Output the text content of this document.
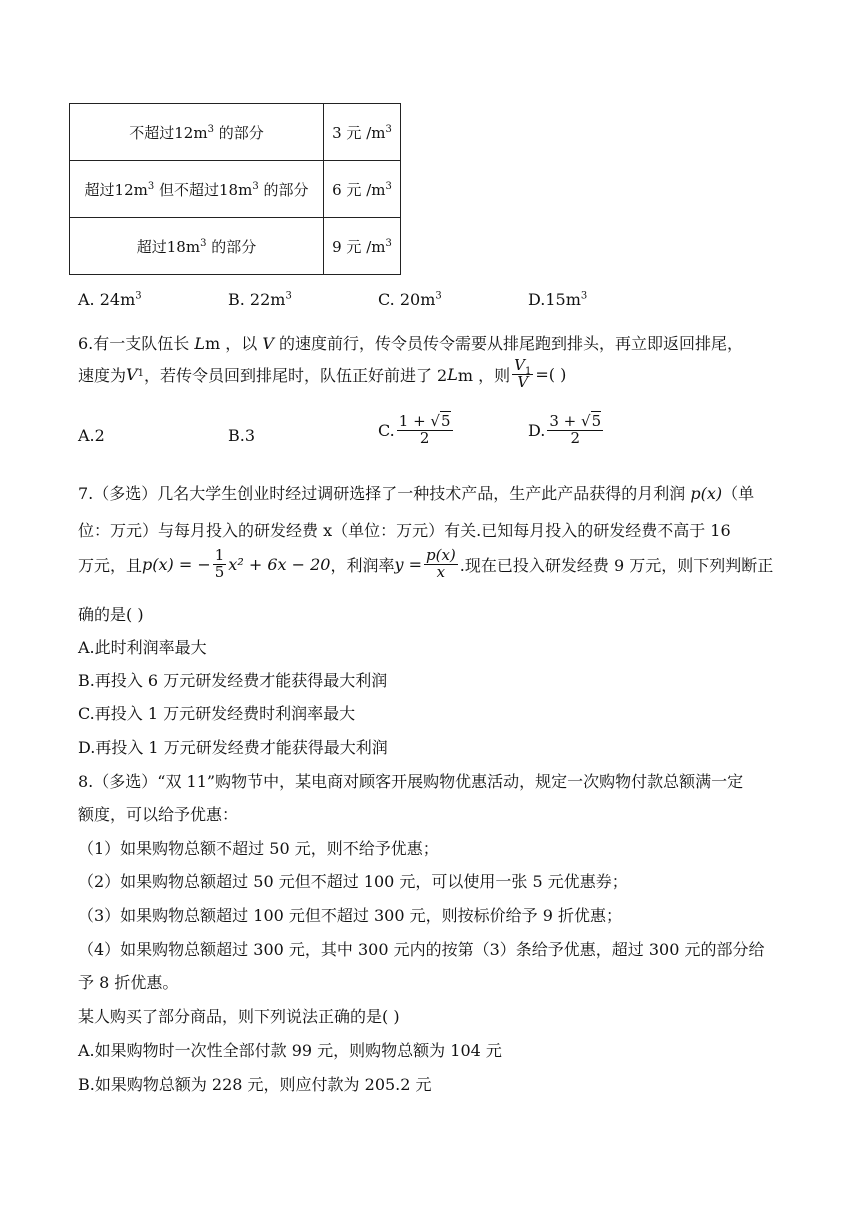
不超过$12m^3$ 的部分	3 元 $/m^3$
超过$12m^3$ 但不超过$18m^3$ 的部分	6 元 $/m^3$
超过$18m^3$ 的部分	9 元 $/m^3$
A. $24m^3$	B. $22m^3$	C. $20m^3$	$D.15m^3$
6.有一支队伍长 Lm ，以 V 的速度前行，传令员传令需要从排尾跑到排头，再立即返回排尾，
速度为 V 1 ，若传令员回到排尾时，队伍正好前进了 2 L m ，则 $\frac{V_1}{V}$ =( )
A.2	B.3	C. $\frac{1 + √5}{2}$	D. $\frac{3 + √5}{2}$
7.（多选）几名大学生创业时经过调研选择了一种技术产品，生产此产品获得的月利润 p(x)（单
位：万元）与每月投入的研发经费 x（单位：万元）有关.已知每月投入的研发经费不高于 16
万元，且 p(x) = − $\frac{1}{5} x^2 + 6x - 20$ ，利润率 $y = \frac{p(x)}{x}$ .现在已投入研发经费 9 万元，则下列判断正
确的是( )
A.此时利润率最大
B.再投入 6 万元研发经费才能获得最大利润
C.再投入 1 万元研发经费时利润率最大
D.再投入 1 万元研发经费才能获得最大利润
8.（多选）“双 11”购物节中，某电商对顾客开展购物优惠活动，规定一次购物付款总额满一定
额度，可以给予优惠：
（1）如果购物总额不超过 50 元，则不给予优惠；
（2）如果购物总额超过 50 元但不超过 100 元，可以使用一张 5 元优惠券；
（3）如果购物总额超过 100 元但不超过 300 元，则按标价给予 9 折优惠；
（4）如果购物总额超过 300 元，其中 300 元内的按第（3）条给予优惠，超过 300 元的部分给
予 8 折优惠。
某人购买了部分商品，则下列说法正确的是( )
A.如果购物时一次性全部付款 99 元，则购物总额为 104 元
B.如果购物总额为 228 元，则应付款为 205.2 元
